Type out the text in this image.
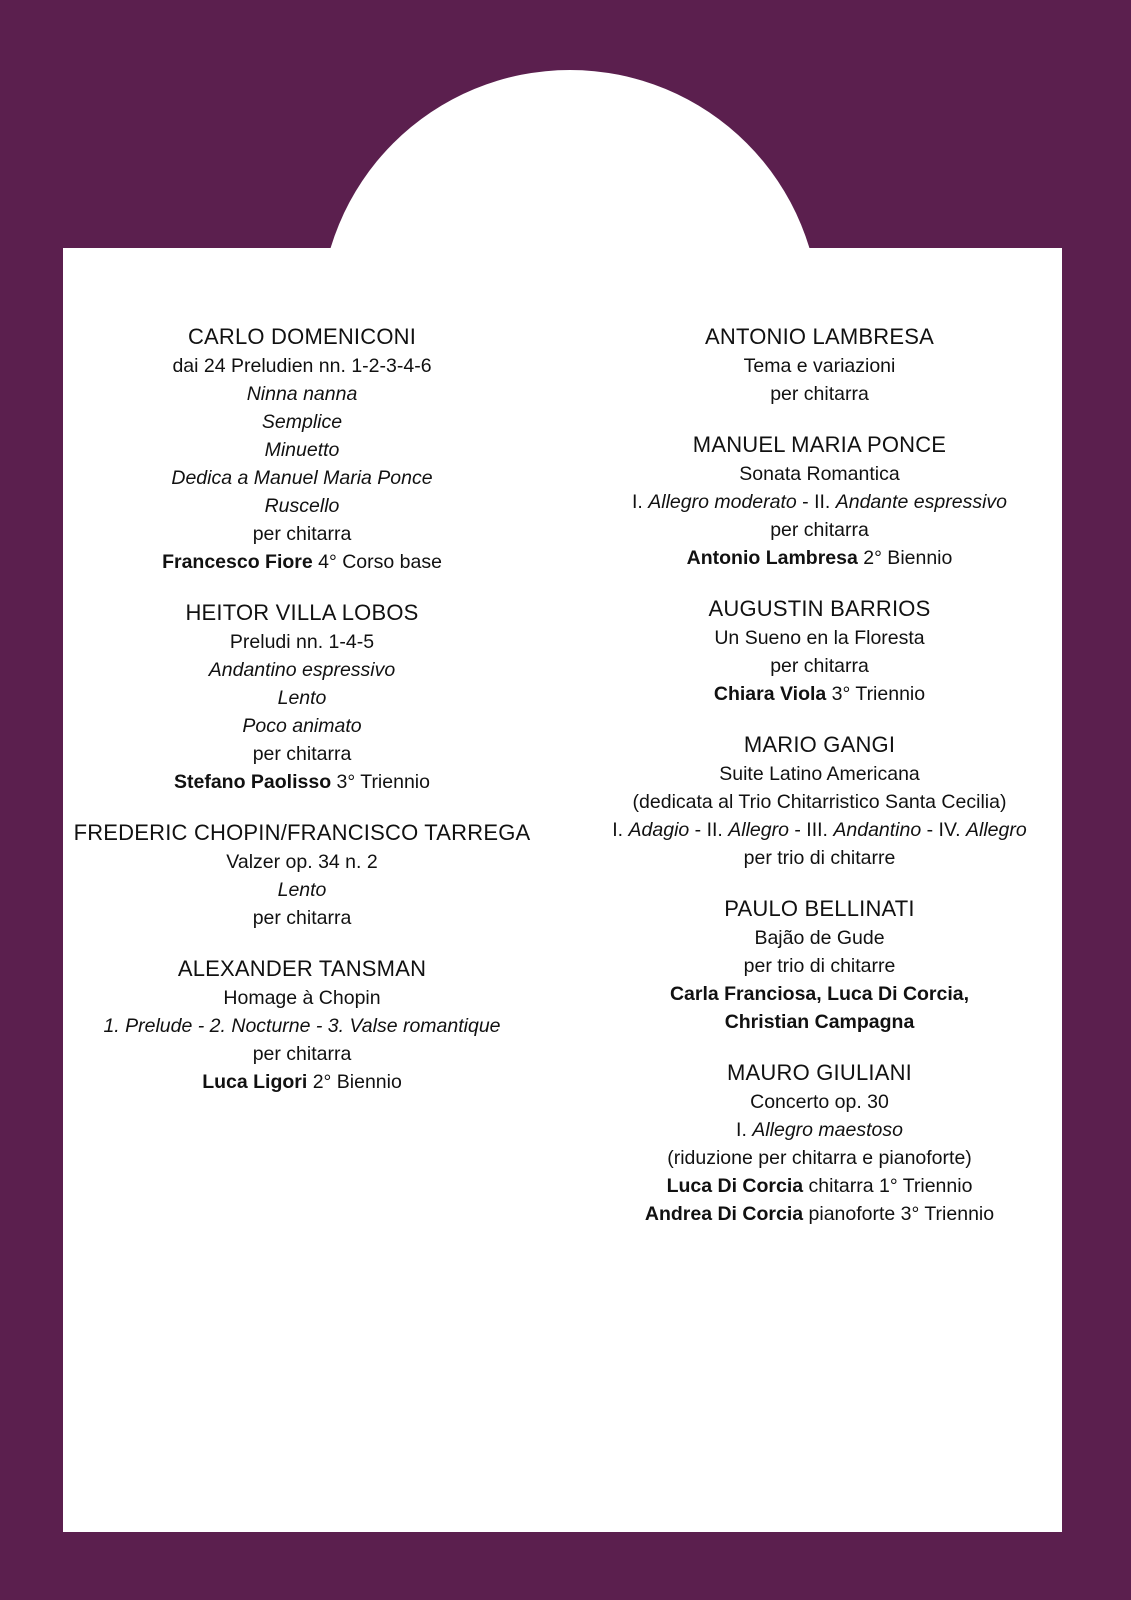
CARLO DOMENICONI
dai 24 Preludien nn. 1-2-3-4-6
Ninna nanna
Semplice
Minuetto
Dedica a Manuel Maria Ponce
Ruscello
per chitarra
Francesco Fiore 4° Corso base
HEITOR VILLA LOBOS
Preludi nn. 1-4-5
Andantino espressivo
Lento
Poco animato
per chitarra
Stefano Paolisso 3° Triennio
FREDERIC CHOPIN/FRANCISCO TARREGA
Valzer op. 34 n. 2
Lento
per chitarra
ALEXANDER TANSMAN
Homage à Chopin
1. Prelude - 2. Nocturne - 3. Valse romantique
per chitarra
Luca Ligori 2° Biennio
ANTONIO LAMBRESA
Tema e variazioni
per chitarra
MANUEL MARIA PONCE
Sonata Romantica
I. Allegro moderato - II. Andante espressivo
per chitarra
Antonio Lambresa 2° Biennio
AUGUSTIN BARRIOS
Un Sueno en la Floresta
per chitarra
Chiara Viola 3° Triennio
MARIO GANGI
Suite Latino Americana
(dedicata al Trio Chitarristico Santa Cecilia)
I. Adagio - II. Allegro - III. Andantino - IV. Allegro
per trio di chitarre
PAULO BELLINATI
Bajão de Gude
per trio di chitarre
Carla Franciosa, Luca Di Corcia,
Christian Campagna
MAURO GIULIANI
Concerto op. 30
I. Allegro maestoso
(riduzione per chitarra e pianoforte)
Luca Di Corcia chitarra 1° Triennio
Andrea Di Corcia pianoforte 3° Triennio
